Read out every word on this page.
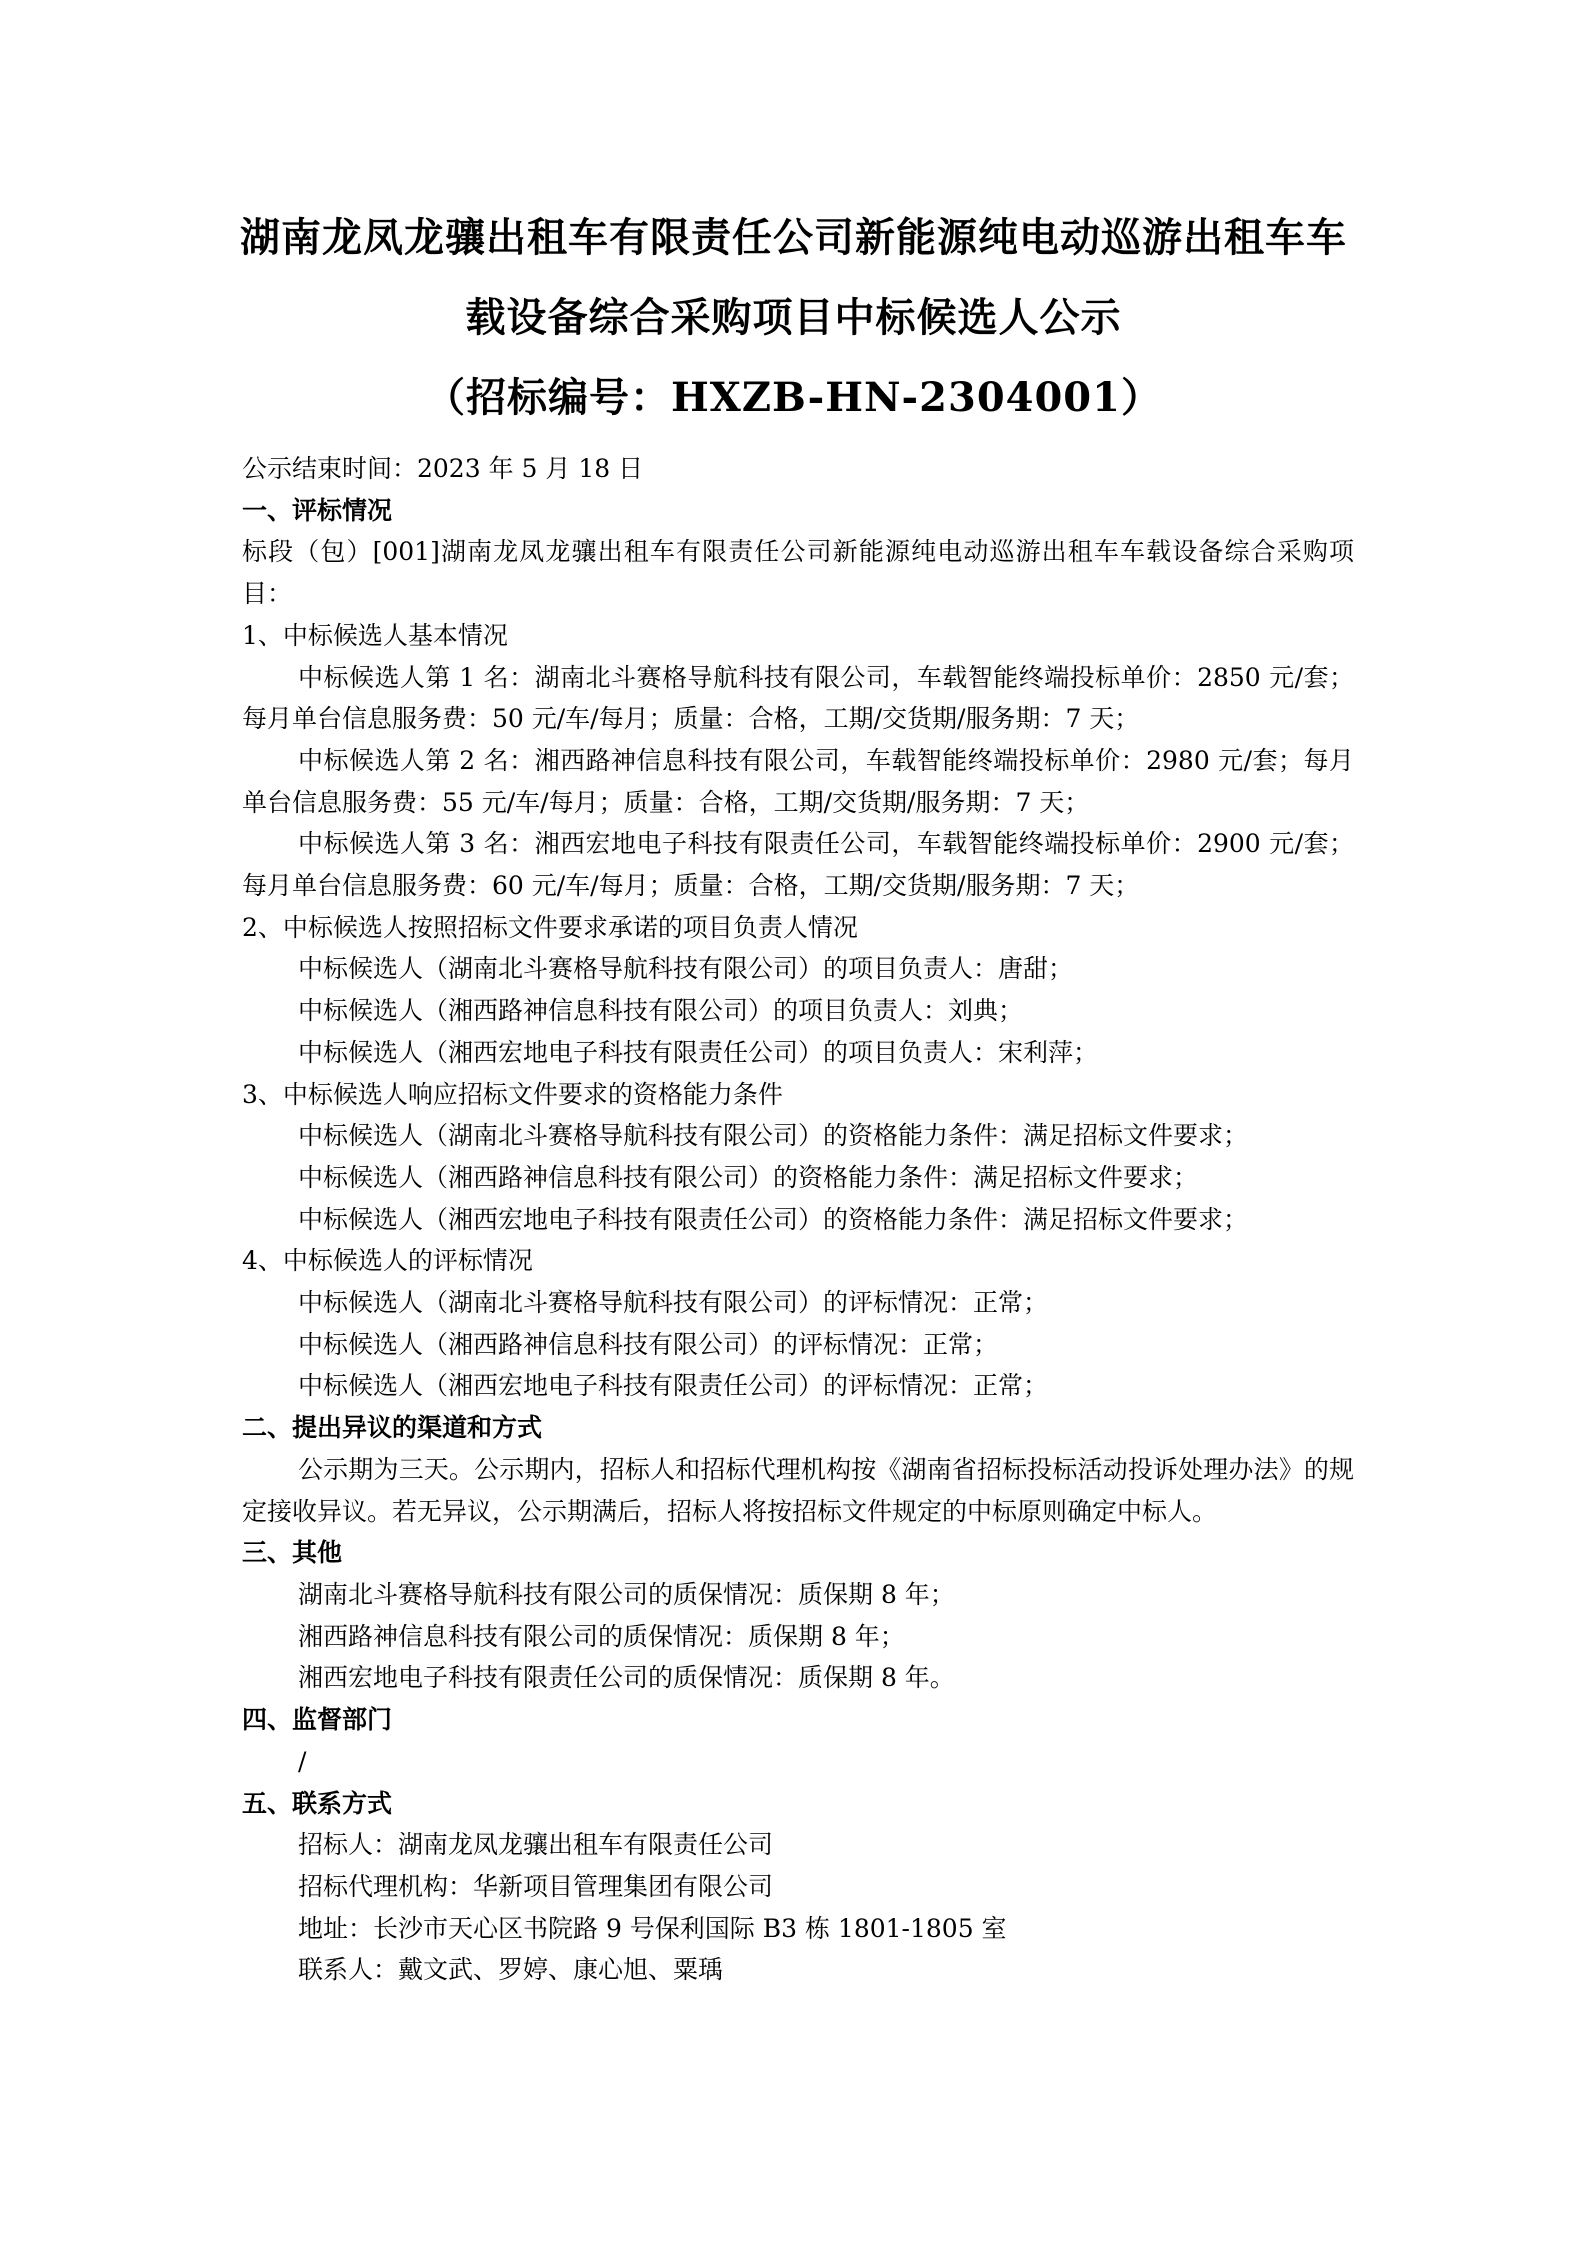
湖南龙凤龙骧出租车有限责任公司新能源纯电动巡游出租车车
载设备综合采购项目中标候选人公示
（招标编号：HXZB-HN-2304001）

公示结束时间：2023 年 5 月 18 日

一、评标情况

标段（包）[001]湖南龙凤龙骧出租车有限责任公司新能源纯电动巡游出租车车载设备综合采购项目：

1、中标候选人基本情况

中标候选人第 1 名：湖南北斗赛格导航科技有限公司，车载智能终端投标单价：2850 元/套；每月单台信息服务费：50 元/车/每月；质量：合格，工期/交货期/服务期：7 天；

中标候选人第 2 名：湘西路神信息科技有限公司，车载智能终端投标单价：2980 元/套；每月单台信息服务费：55 元/车/每月；质量：合格，工期/交货期/服务期：7 天；

中标候选人第 3 名：湘西宏地电子科技有限责任公司，车载智能终端投标单价：2900 元/套；每月单台信息服务费：60 元/车/每月；质量：合格，工期/交货期/服务期：7 天；

2、中标候选人按照招标文件要求承诺的项目负责人情况

中标候选人（湖南北斗赛格导航科技有限公司）的项目负责人：唐甜；

中标候选人（湘西路神信息科技有限公司）的项目负责人：刘典；

中标候选人（湘西宏地电子科技有限责任公司）的项目负责人：宋利萍；

3、中标候选人响应招标文件要求的资格能力条件

中标候选人（湖南北斗赛格导航科技有限公司）的资格能力条件：满足招标文件要求；

中标候选人（湘西路神信息科技有限公司）的资格能力条件：满足招标文件要求；

中标候选人（湘西宏地电子科技有限责任公司）的资格能力条件：满足招标文件要求；

4、中标候选人的评标情况

中标候选人（湖南北斗赛格导航科技有限公司）的评标情况：正常；

中标候选人（湘西路神信息科技有限公司）的评标情况：正常；

中标候选人（湘西宏地电子科技有限责任公司）的评标情况：正常；

二、提出异议的渠道和方式

公示期为三天。公示期内，招标人和招标代理机构按《湖南省招标投标活动投诉处理办法》的规定接收异议。若无异议，公示期满后，招标人将按招标文件规定的中标原则确定中标人。

三、其他

湖南北斗赛格导航科技有限公司的质保情况：质保期 8 年；

湘西路神信息科技有限公司的质保情况：质保期 8 年；

湘西宏地电子科技有限责任公司的质保情况：质保期 8 年。

四、监督部门

/

五、联系方式

招标人：湖南龙凤龙骧出租车有限责任公司

招标代理机构：华新项目管理集团有限公司

地址：长沙市天心区书院路 9 号保利国际 B3 栋 1801-1805 室

联系人：戴文武、罗婷、康心旭、粟瑀
